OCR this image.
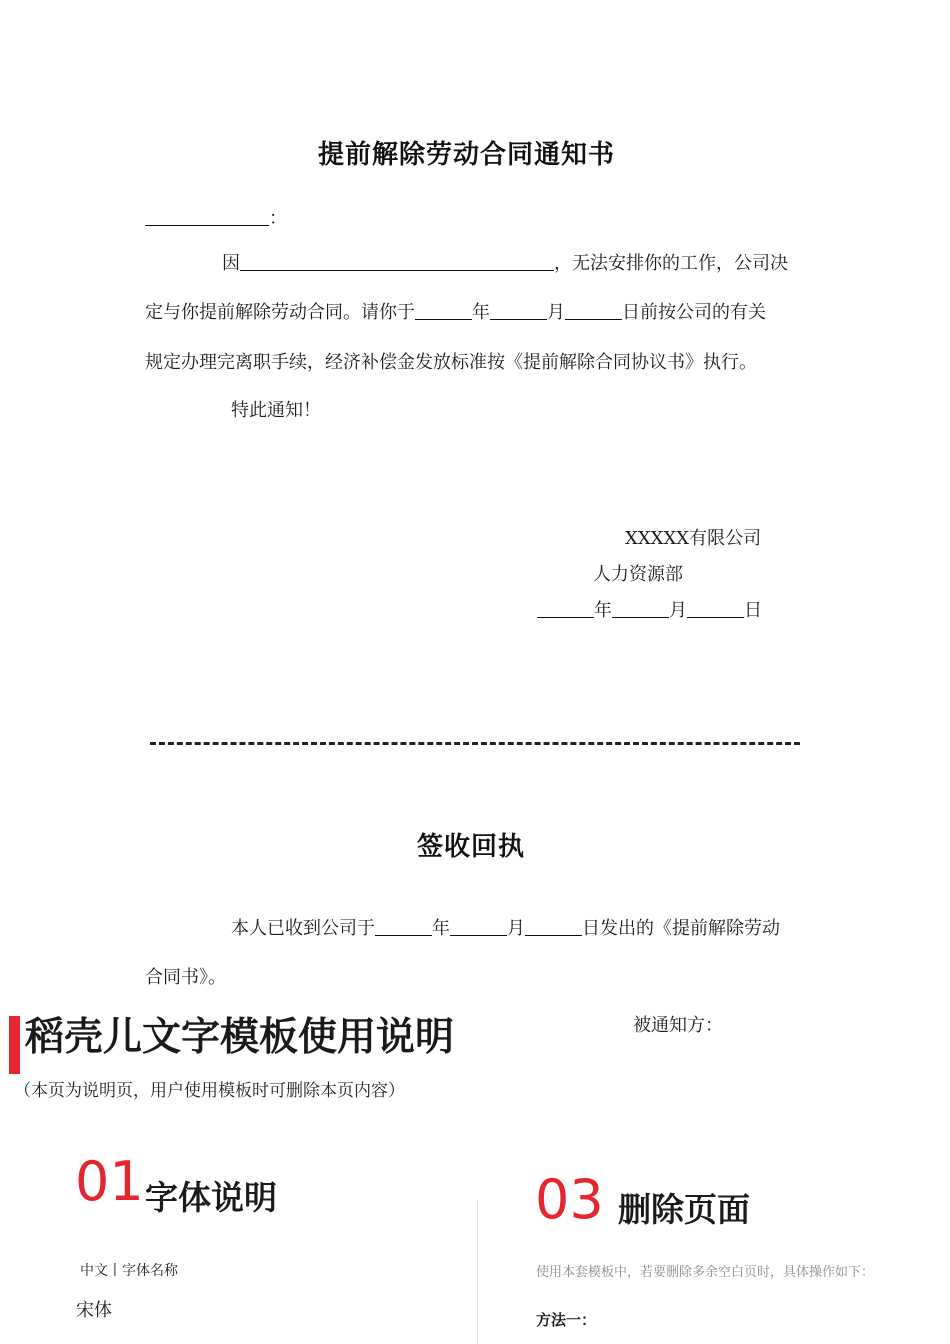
提前解除劳动合同通知书
：
因	，无法安排你的工作，公司决
定与你提前解除劳动合同。请你于	年	月	日前按公司的有关
规定办理完离职手续，经济补偿金发放标准按《提前解除合同协议书》执行。
特此通知！
XXXXX有限公司
人力资源部
年	月	日
签收回执
本人已收到公司于	年	月	日发出的《提前解除劳动
合同书》。
被通知方：
稻壳儿文字模板使用说明
（本页为说明页，用户使用模板时可删除本页内容）
01 字体说明
中文丨字体名称
宋体
03 删除页面
使用本套模板中，若要删除多余空白页时，具体操作如下：
方法一：
